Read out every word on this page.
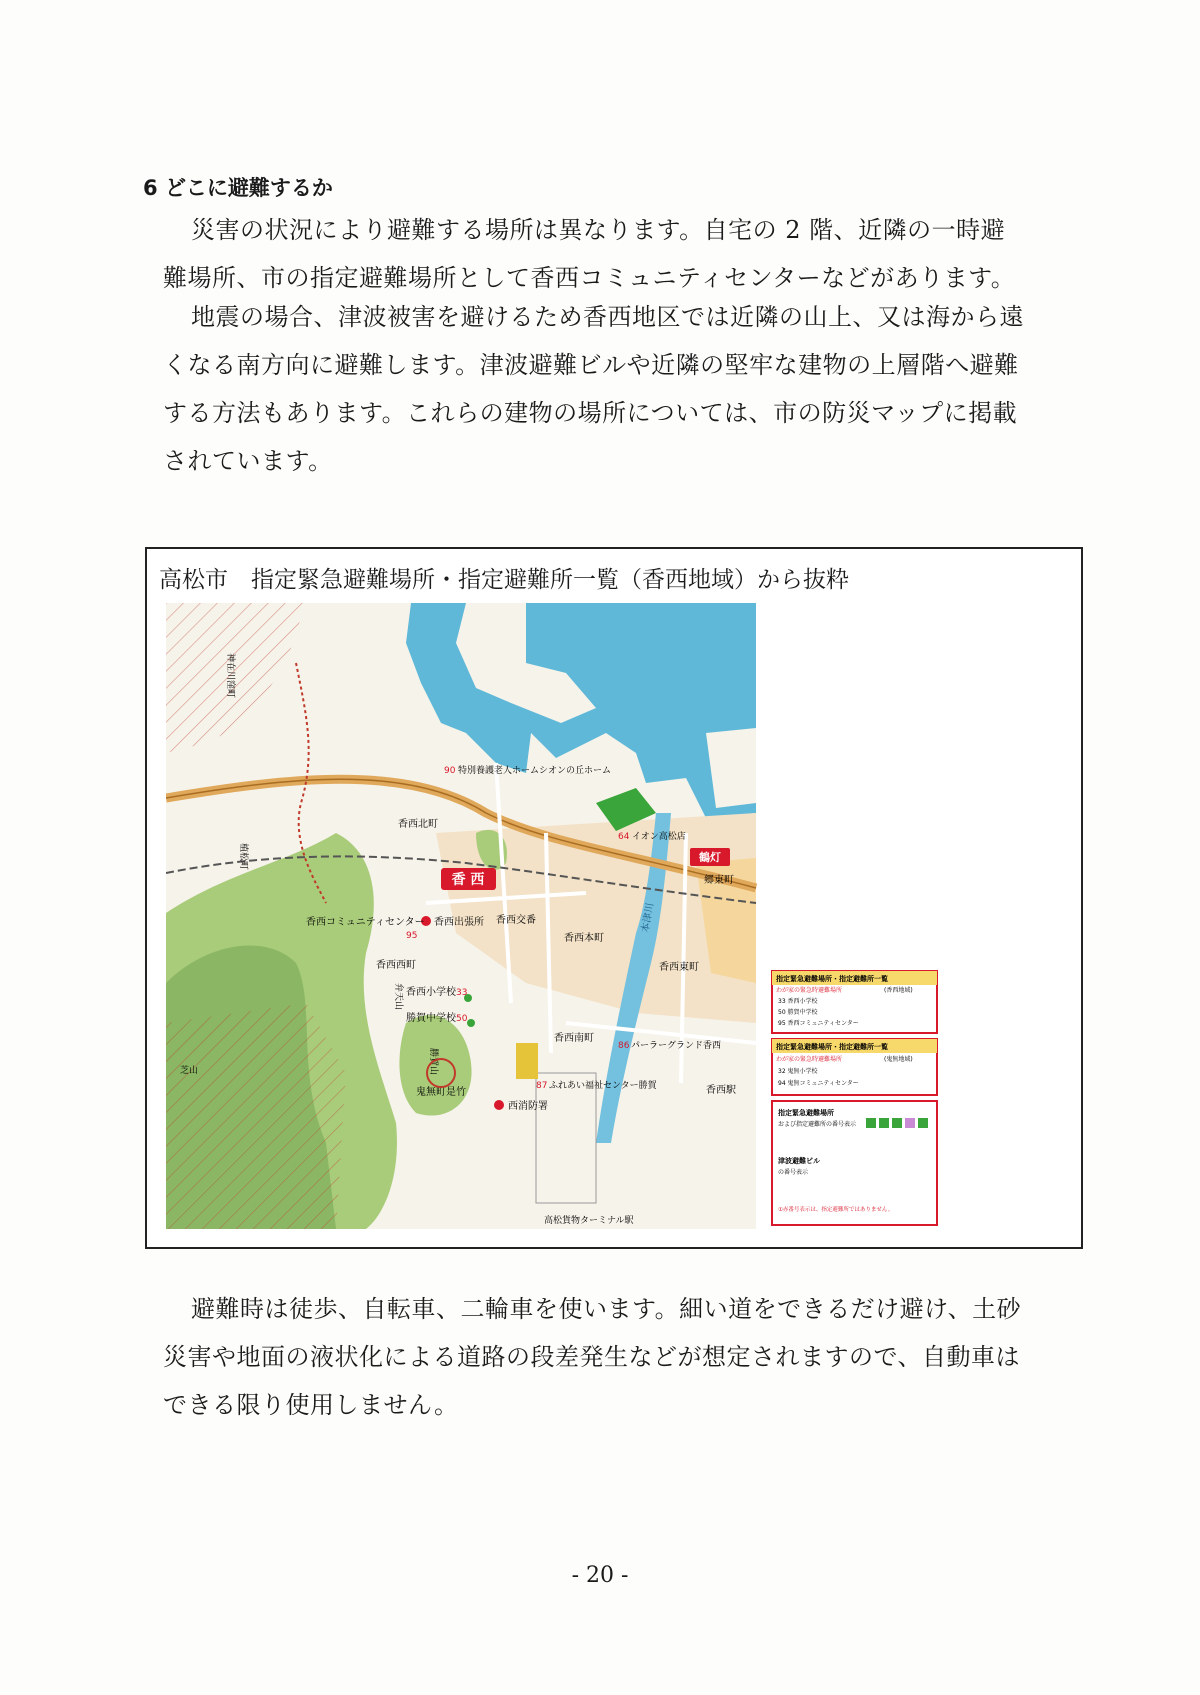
6 どこに避難するか

災害の状況により避難する場所は異なります。自宅の 2 階、近隣の一時避
難場所、市の指定避難場所として香西コミュニティセンターなどがあります。

地震の場合、津波被害を避けるため香西地区では近隣の山上、又は海から遠
くなる南方向に避難します。津波避難ビルや近隣の堅牢な建物の上層階へ避難
する方法もあります。これらの建物の場所については、市の防災マップに掲載
されています。

高松市　指定緊急避難場所・指定避難所一覧（香西地域）から抜粋
香 西
鶴灯
香西コミュニティセンター
95
香西出張所 香西交番
香西小学校 33
勝賀中学校 50
90 特別養護老人ホームシオンの丘ホーム
64 イオン高松店
86 パーラーグランド香西
87 ふれあい福祉センター勝賀
香西北町
香西本町
香西西町
香西南町
香西東町
香西駅
郷東町
鬼無町是竹
西消防署
高松貨物ターミナル駅
本津川
神在川窪町
植松町
弁天山
勝賀山
芝山
指定緊急避難場所・指定避難所一覧
わが家の緊急時避難場所	(香西地域)
33 香西小学校
50 勝賀中学校
95 香西コミュニティセンター
指定緊急避難場所・指定避難所一覧
わが家の緊急時避難場所	(鬼無地域)
32 鬼無小学校
94 鬼無コミュニティセンター
指定緊急避難場所
および指定避難所の番号表示
津波避難ビル
の番号表示
①赤番号表示は、指定避難所ではありません。

避難時は徒歩、自転車、二輪車を使います。細い道をできるだけ避け、土砂
災害や地面の液状化による道路の段差発生などが想定されますので、自動車は
できる限り使用しません。

- 20 -
